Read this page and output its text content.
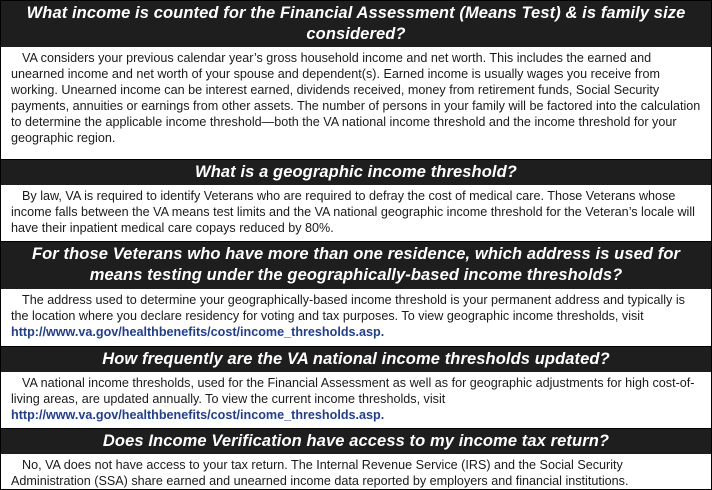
What income is counted for the Financial Assessment (Means Test) & is family size considered?
VA considers your previous calendar year’s gross household income and net worth. This includes the earned and unearned income and net worth of your spouse and dependent(s). Earned income is usually wages you receive from working. Unearned income can be interest earned, dividends received, money from retirement funds, Social Security payments, annuities or earnings from other assets. The number of persons in your family will be factored into the calculation to determine the applicable income threshold—both the VA national income threshold and the income threshold for your geographic region.
What is a geographic income threshold?
By law, VA is required to identify Veterans who are required to defray the cost of medical care. Those Veterans whose income falls between the VA means test limits and the VA national geographic income threshold for the Veteran’s locale will have their inpatient medical care copays reduced by 80%.
For those Veterans who have more than one residence, which address is used for means testing under the geographically-based income thresholds?
The address used to determine your geographically-based income threshold is your permanent address and typically is the location where you declare residency for voting and tax purposes. To view geographic income thresholds, visit http://www.va.gov/healthbenefits/cost/income_thresholds.asp.
How frequently are the VA national income thresholds updated?
VA national income thresholds, used for the Financial Assessment as well as for geographic adjustments for high cost-of-living areas, are updated annually. To view the current income thresholds, visit http://www.va.gov/healthbenefits/cost/income_thresholds.asp.
Does Income Verification have access to my income tax return?
No, VA does not have access to your tax return. The Internal Revenue Service (IRS) and the Social Security Administration (SSA) share earned and unearned income data reported by employers and financial institutions.
